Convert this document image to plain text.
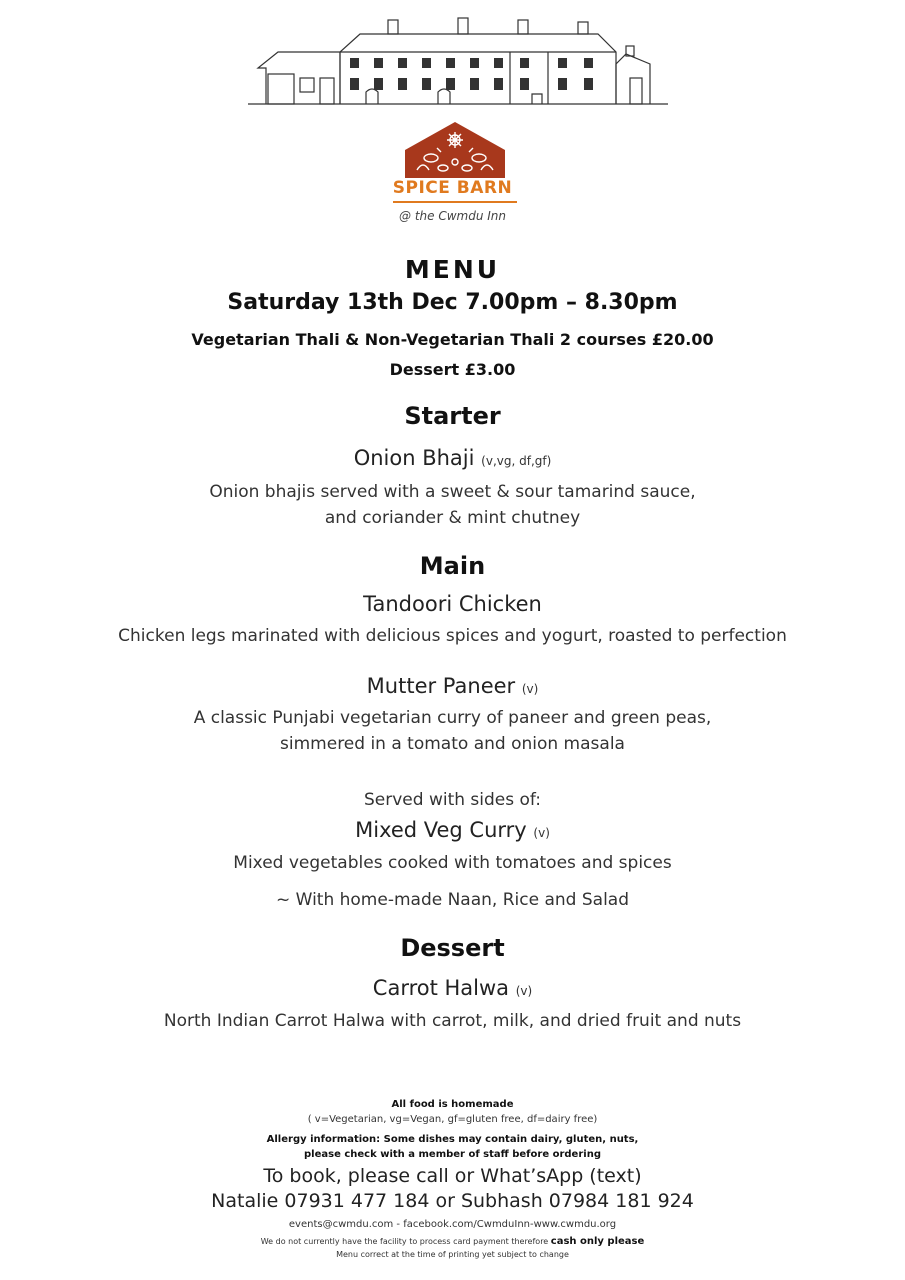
SPICE BARN
@ the Cwmdu Inn
MENU
Saturday 13th Dec 7.00pm – 8.30pm
Vegetarian Thali & Non-Vegetarian Thali 2 courses £20.00
Dessert £3.00
Starter
Onion Bhaji (v,vg, df,gf)
Onion bhajis served with a sweet & sour tamarind sauce,
and coriander & mint chutney
Main
Tandoori Chicken
Chicken legs marinated with delicious spices and yogurt, roasted to perfection
Mutter Paneer (v)
A classic Punjabi vegetarian curry of paneer and green peas,
simmered in a tomato and onion masala
Served with sides of:
Mixed Veg Curry (v)
Mixed vegetables cooked with tomatoes and spices
~ With home-made Naan, Rice and Salad
Dessert
Carrot Halwa (v)
North Indian Carrot Halwa with carrot, milk, and dried fruit and nuts
All food is homemade
( v=Vegetarian, vg=Vegan, gf=gluten free, df=dairy free)
Allergy information: Some dishes may contain dairy, gluten, nuts,
please check with a member of staff before ordering
To book, please call or What’sApp (text)
Natalie 07931 477 184 or Subhash 07984 181 924
events@cwmdu.com - facebook.com/CwmduInn-www.cwmdu.org
We do not currently have the facility to process card payment therefore cash only please
Menu correct at the time of printing yet subject to change
